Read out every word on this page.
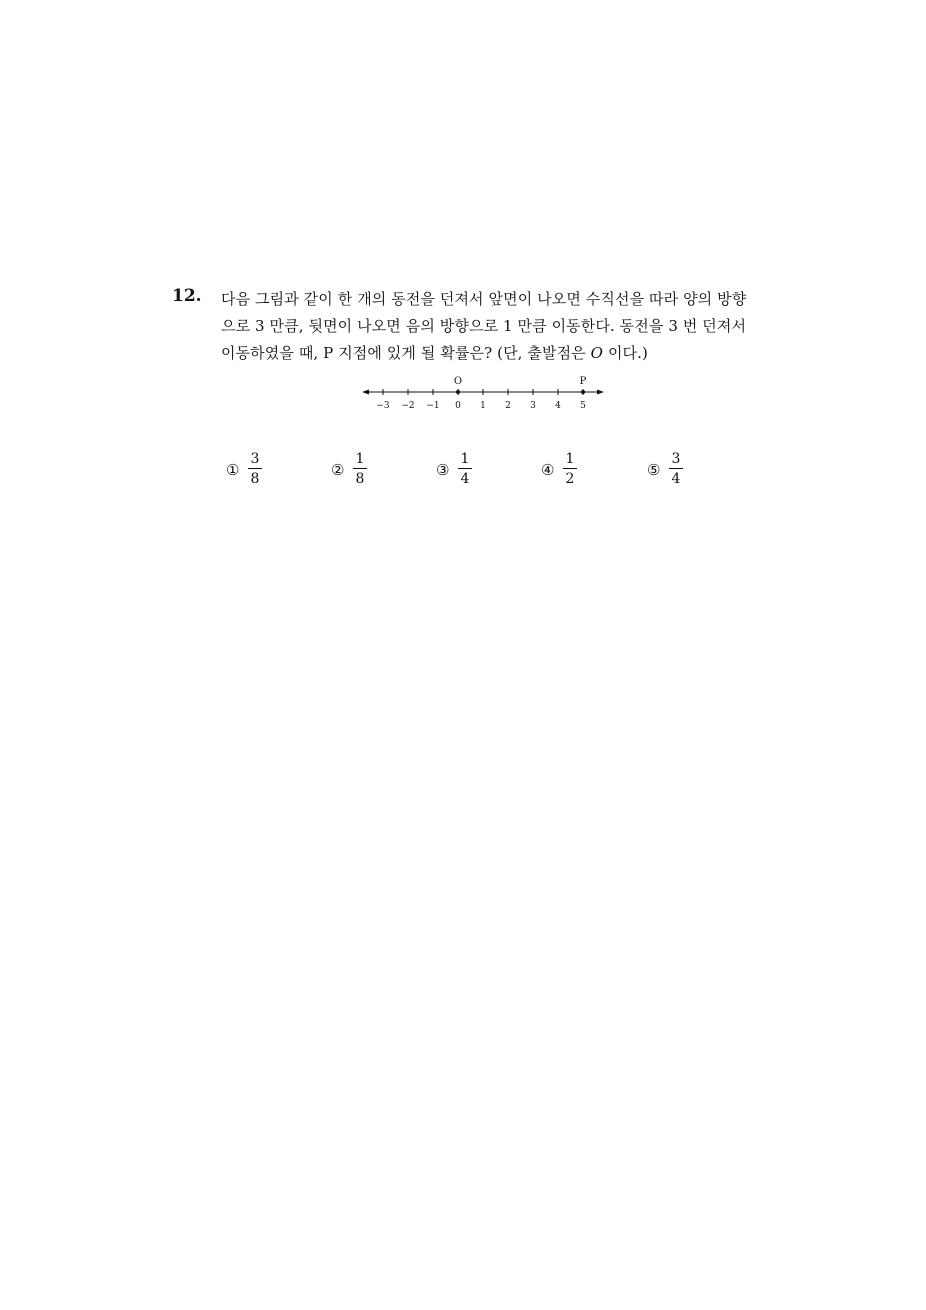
12. 다음 그림과 같이 한 개의 동전을 던져서 앞면이 나오면 수직선을 따라 양의 방향
으로 3 만큼, 뒷면이 나오면 음의 방향으로 1 만큼 이동한다. 동전을 3 번 던져서
이동하였을 때, P 지점에 있게 될 확률은? (단, 출발점은 O 이다.)
−3 −2 −1 0 1 2 3 4 5
O	P
①
3
8	②
1
8	③
1
4	④
1
2	⑤
3
4
